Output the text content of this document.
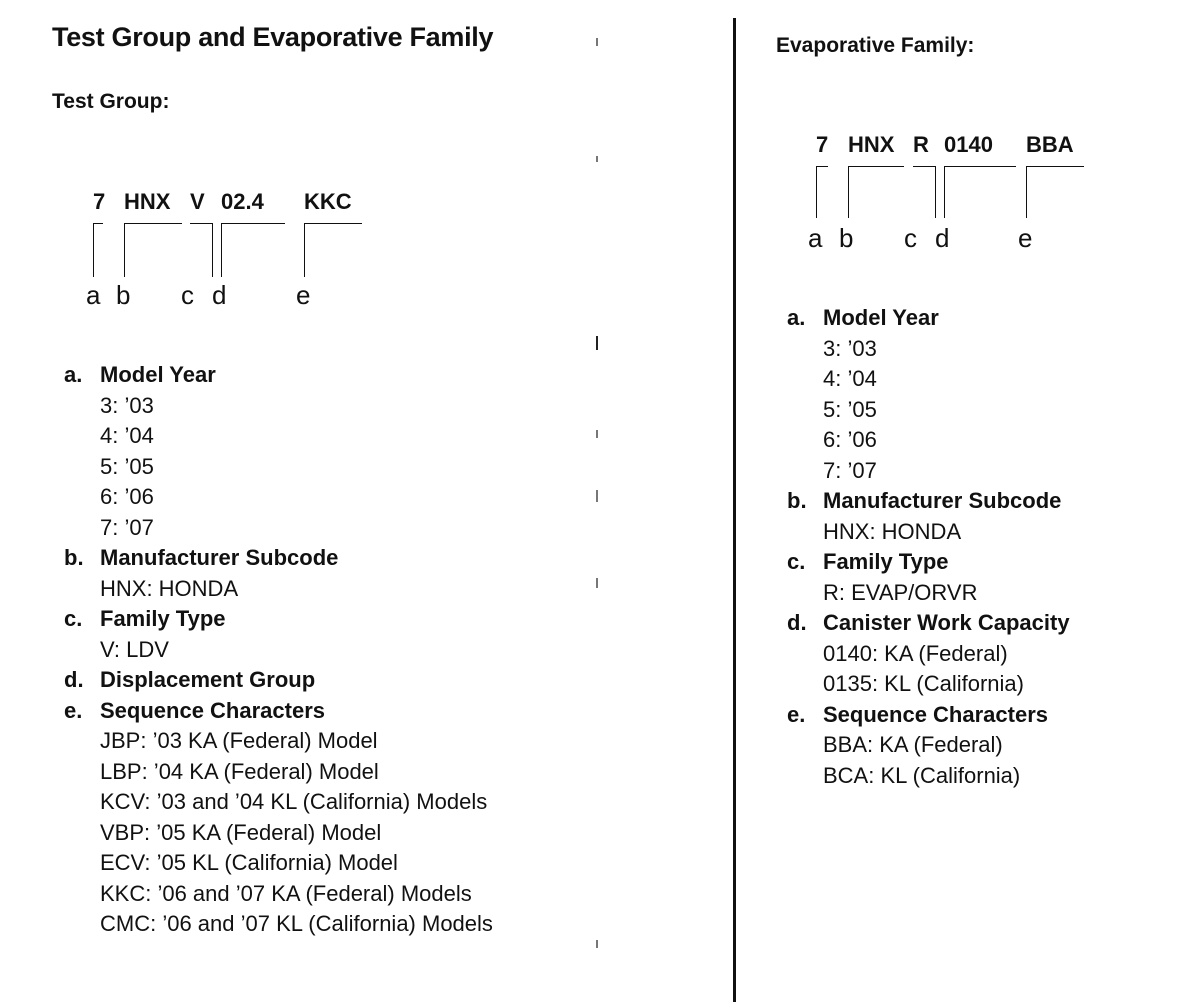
Test Group and Evaporative Family
Test Group:
7 HNX V 02.4 KKC
a b c d	e
a. Model Year
3: ’03
4: ’04
5: ’05
6: ’06
7: ’07
b. Manufacturer Subcode
HNX: HONDA
c. Family Type
V: LDV
d. Displacement Group
e. Sequence Characters
JBP: ’03 KA (Federal) Model
LBP: ’04 KA (Federal) Model
KCV: ’03 and ’04 KL (California) Models
VBP: ’05 KA (Federal) Model
ECV: ’05 KL (California) Model
KKC: ’06 and ’07 KA (Federal) Models
CMC: ’06 and ’07 KL (California) Models
Evaporative Family:
7 HNX R 0140 BBA
a b c d	e
a. Model Year
3: ’03
4: ’04
5: ’05
6: ’06
7: ’07
b. Manufacturer Subcode
HNX: HONDA
c. Family Type
R: EVAP/ORVR
d. Canister Work Capacity
0140: KA (Federal)
0135: KL (California)
e. Sequence Characters
BBA: KA (Federal)
BCA: KL (California)
